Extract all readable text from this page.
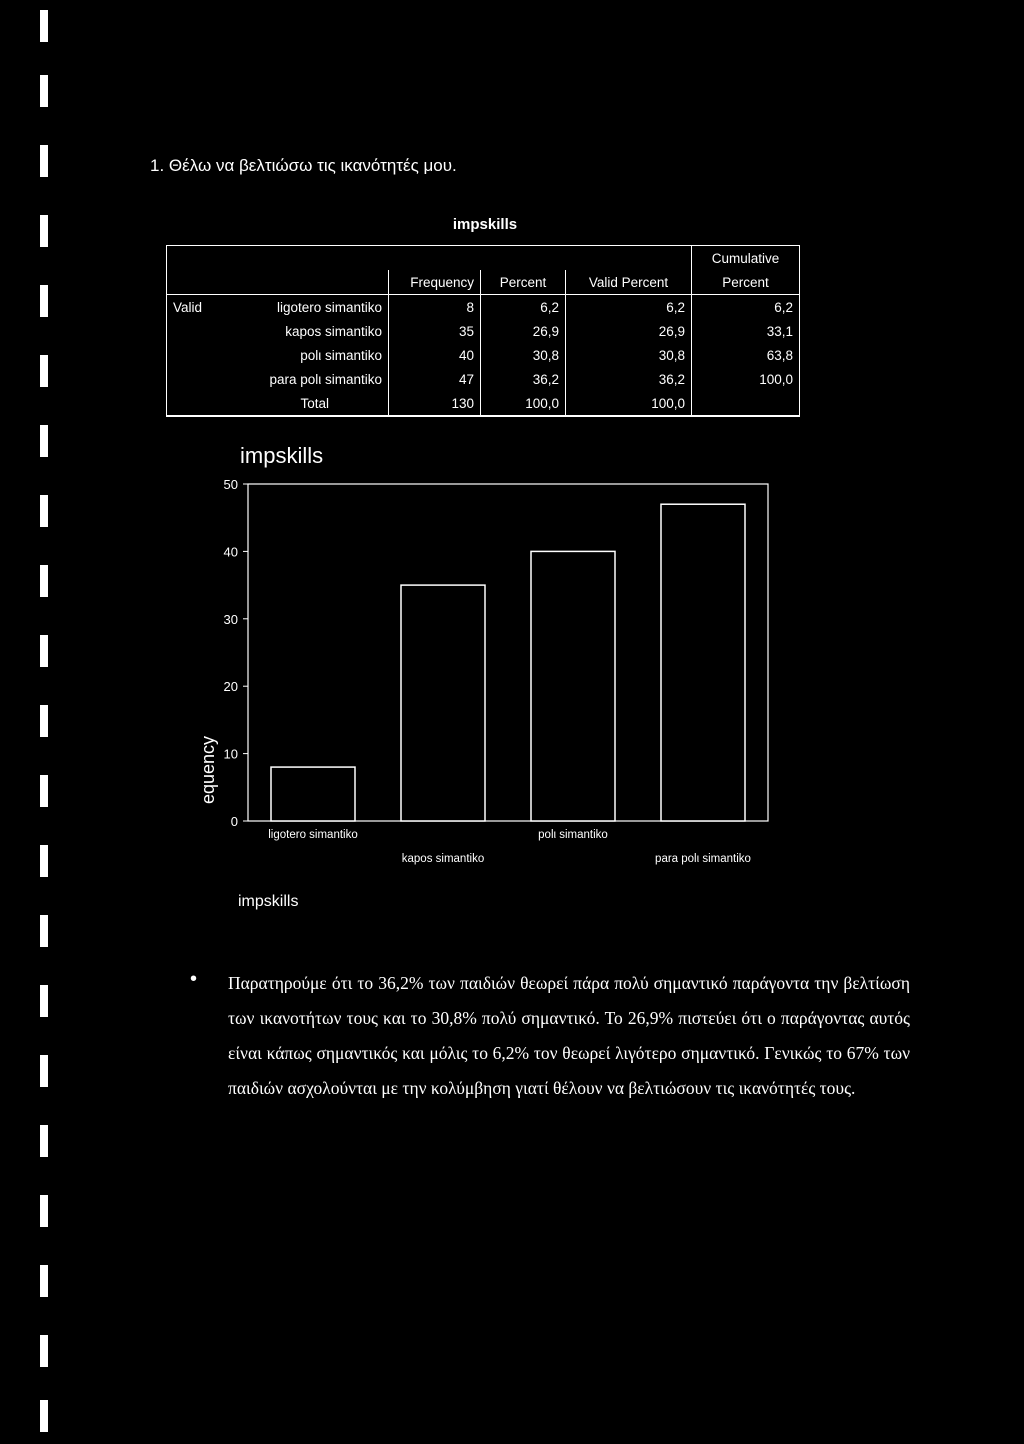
1. Θέλω να βελτιώσω τις ικανότητές μου.
impskills
					Cumulative
		Frequency	Percent	Valid Percent	Percent
Valid	ligotero simantiko	8	6,2	6,2	6,2
	kapos simantiko	35	26,9	26,9	33,1
	polι simantiko	40	30,8	30,8	63,8
	para polι simantiko	47	36,2	36,2	100,0
	Total	130	100,0	100,0	
impskills
0
10
20
30
40
50
equency
ligotero simantiko
kapos simantiko
polι simantiko
para polι simantiko
impskills
• Παρατηρούμε ότι το 36,2% των παιδιών θεωρεί πάρα πολύ σημαντικό παράγοντα την βελτίωση των ικανοτήτων τους και το 30,8% πολύ σημαντικό. Το 26,9% πιστεύει ότι ο παράγοντας αυτός είναι κάπως σημαντικός και μόλις το 6,2% τον θεωρεί λιγότερο σημαντικό. Γενικώς το 67% των παιδιών ασχολούνται με την κολύμβηση γιατί θέλουν να βελτιώσουν τις ικανότητές τους.
